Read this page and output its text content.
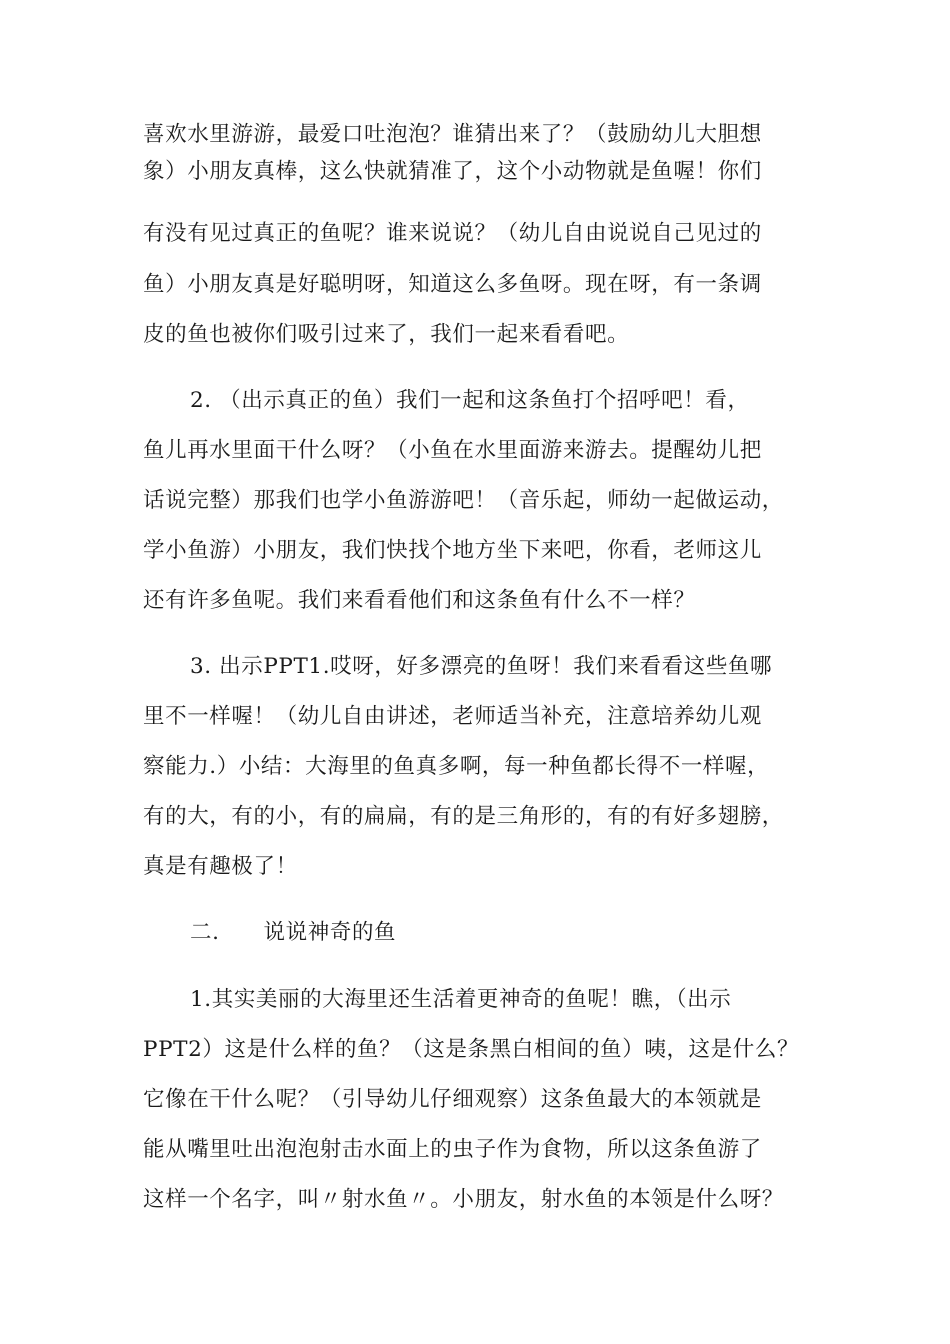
喜欢水里游游，最爱口吐泡泡？谁猜出来了？（鼓励幼儿大胆想
象）小朋友真棒，这么快就猜准了，这个小动物就是鱼喔！你们
有没有见过真正的鱼呢？谁来说说？（幼儿自由说说自己见过的
鱼）小朋友真是好聪明呀，知道这么多鱼呀。现在呀，有一条调
皮的鱼也被你们吸引过来了，我们一起来看看吧。
2. （出示真正的鱼）我们一起和这条鱼打个招呼吧！看，
鱼儿再水里面干什么呀？（小鱼在水里面游来游去。提醒幼儿把
话说完整）那我们也学小鱼游游吧！（音乐起，师幼一起做运动，
学小鱼游）小朋友，我们快找个地方坐下来吧，你看，老师这儿
还有许多鱼呢。我们来看看他们和这条鱼有什么不一样？
3. 出示PPT1.哎呀，好多漂亮的鱼呀！我们来看看这些鱼哪
里不一样喔！（幼儿自由讲述，老师适当补充，注意培养幼儿观
察能力.）小结：大海里的鱼真多啊，每一种鱼都长得不一样喔，
有的大，有的小，有的扁扁，有的是三角形的，有的有好多翅膀，
真是有趣极了！
二. 说说神奇的鱼
1.其实美丽的大海里还生活着更神奇的鱼呢！瞧，（出示
PPT2）这是什么样的鱼？（这是条黑白相间的鱼）咦，这是什么？
它像在干什么呢？（引导幼儿仔细观察）这条鱼最大的本领就是
能从嘴里吐出泡泡射击水面上的虫子作为食物，所以这条鱼游了
这样一个名字，叫〃射水鱼〃。小朋友，射水鱼的本领是什么呀？
